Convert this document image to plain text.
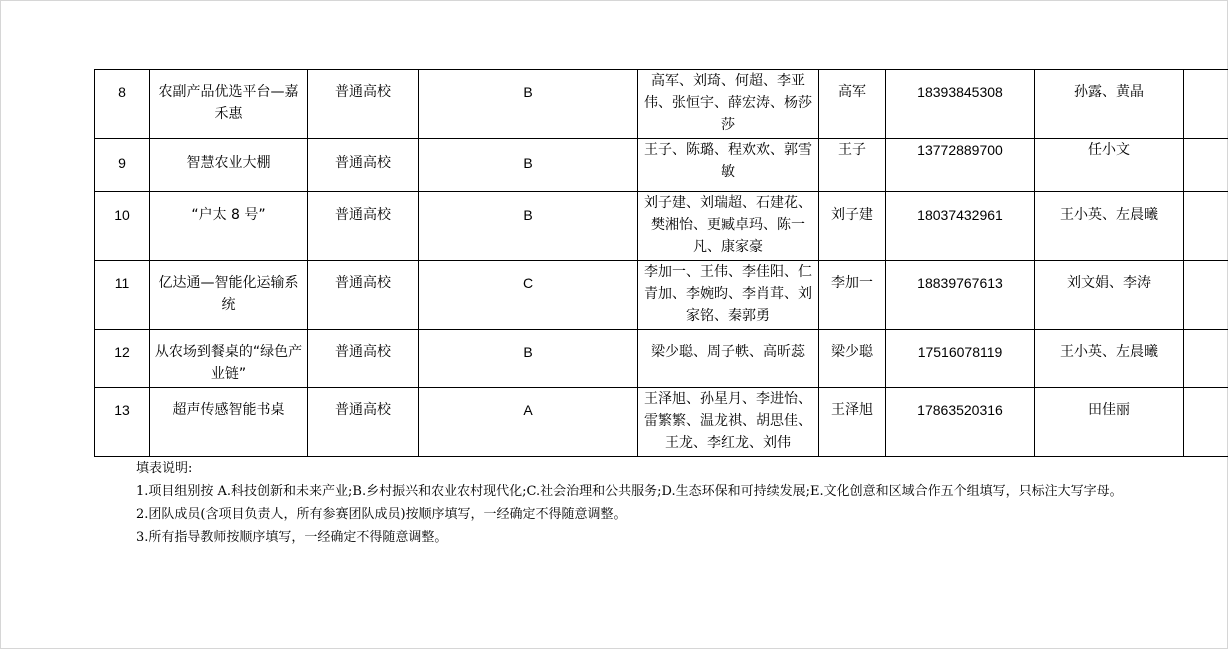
8	农副产品优选平台—嘉禾惠	普通高校	B	高军、刘琦、何超、李亚伟、张恒宇、薛宏涛、杨莎莎	高军	18393845308	孙露、黄晶	
9	智慧农业大棚	普通高校	B	王子、陈璐、程欢欢、郭雪敏	王子	13772889700	任小文	
10	“户太 8 号”	普通高校	B	刘子建、刘瑞超、石建花、樊湘怡、更臧卓玛、陈一凡、康家豪	刘子建	18037432961	王小英、左晨曦	
11	亿达通—智能化运输系统	普通高校	C	李加一、王伟、李佳阳、仁青加、李婉昀、李肖茸、刘家铭、秦郭勇	李加一	18839767613	刘文娟、李涛	
12	从农场到餐桌的“绿色产业链”	普通高校	B	梁少聪、周子軼、高昕蕊	梁少聪	17516078119	王小英、左晨曦	
13	超声传感智能书桌	普通高校	A	王泽旭、孙星月、李进怡、雷繁繁、温龙祺、胡思佳、王龙、李红龙、刘伟	王泽旭	17863520316	田佳丽	

填表说明:

1.项目组别按 A.科技创新和未来产业;B.乡村振兴和农业农村现代化;C.社会治理和公共服务;D.生态环保和可持续发展;E.文化创意和区域合作五个组填写，只标注大写字母。

2.团队成员(含项目负责人，所有参赛团队成员)按顺序填写，一经确定不得随意调整。

3.所有指导教师按顺序填写，一经确定不得随意调整。
